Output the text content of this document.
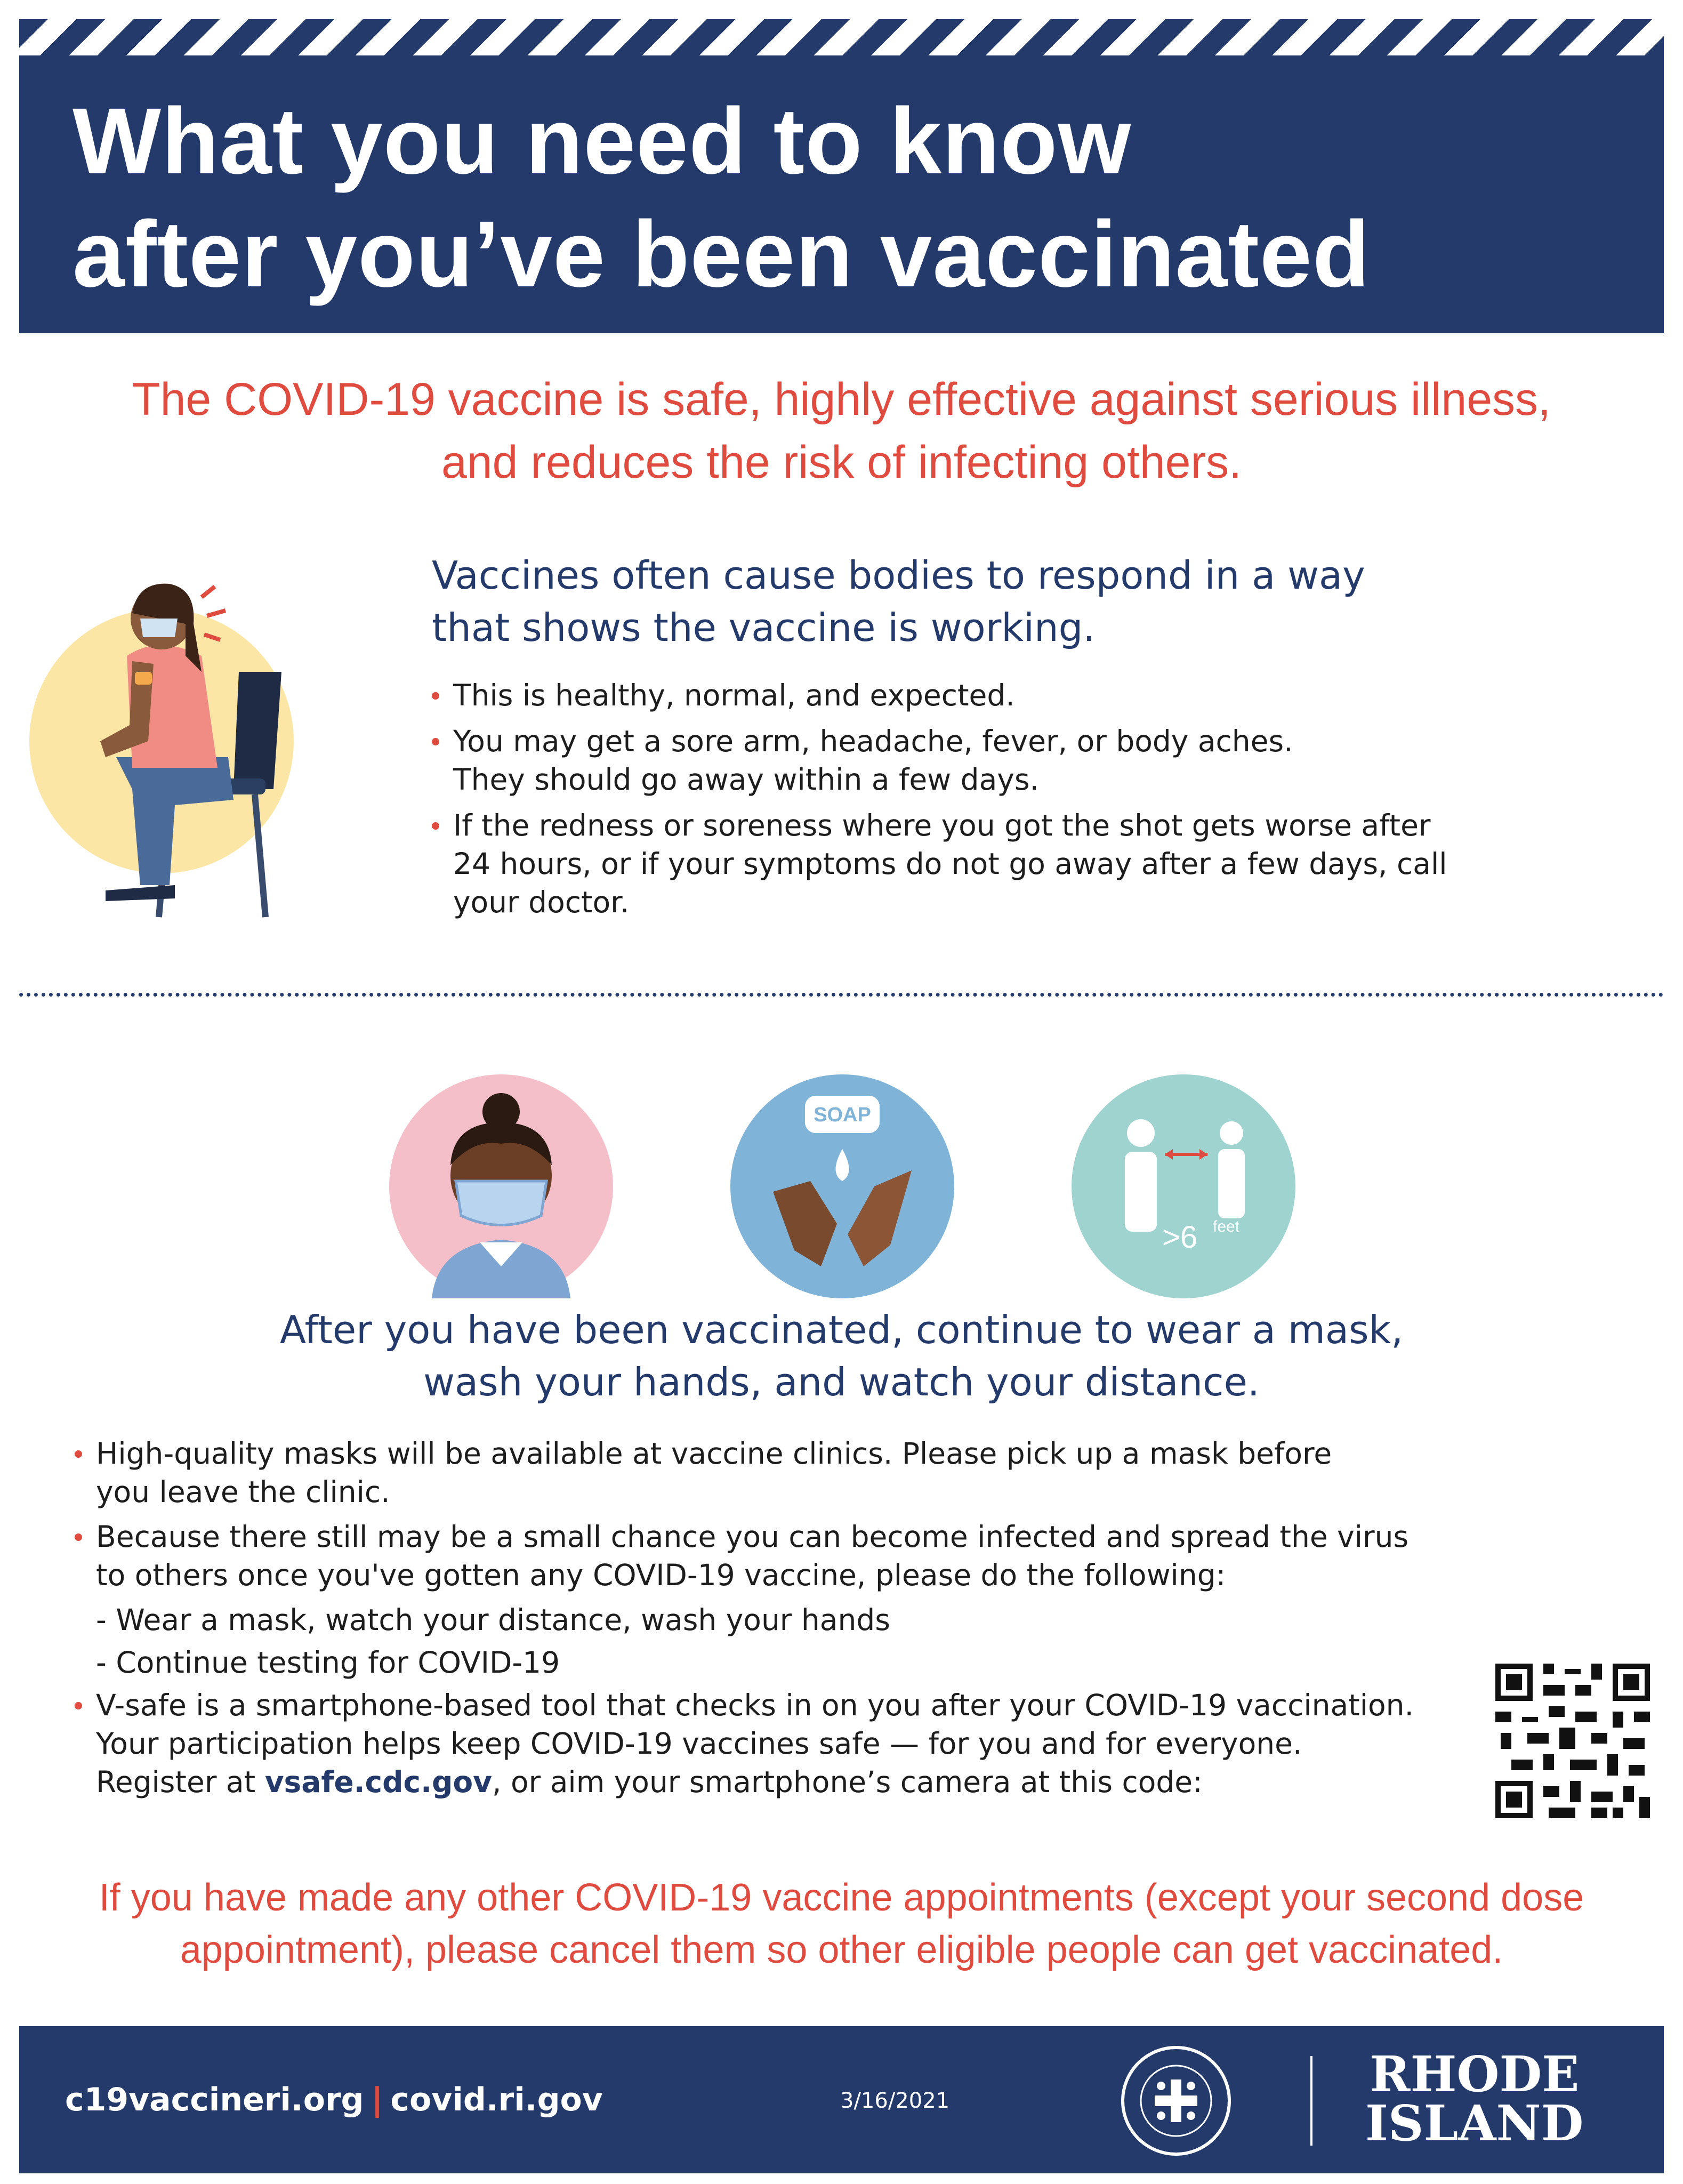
What you need to know
after you’ve been vaccinated
The COVID-19 vaccine is safe, highly effective against serious illness,
and reduces the risk of infecting others.
Vaccines often cause bodies to respond in a way
that shows the vaccine is working.
This is healthy, normal, and expected.
You may get a sore arm, headache, fever, or body aches.
They should go away within a few days.
If the redness or soreness where you got the shot gets worse after
24 hours, or if your symptoms do not go away after a few days, call
your doctor.
SOAP
>6 feet
After you have been vaccinated, continue to wear a mask,
wash your hands, and watch your distance.
High-quality masks will be available at vaccine clinics. Please pick up a mask before
you leave the clinic.
Because there still may be a small chance you can become infected and spread the virus
to others once you've gotten any COVID-19 vaccine, please do the following:
- Wear a mask, watch your distance, wash your hands
- Continue testing for COVID-19
V-safe is a smartphone-based tool that checks in on you after your COVID-19 vaccination.
Your participation helps keep COVID-19 vaccines safe — for you and for everyone.
Register at vsafe.cdc.gov, or aim your smartphone’s camera at this code:
If you have made any other COVID-19 vaccine appointments (except your second dose
appointment), please cancel them so other eligible people can get vaccinated.
c19vaccineri.org | covid.ri.gov	3/16/2021	RHODE
ISLAND
